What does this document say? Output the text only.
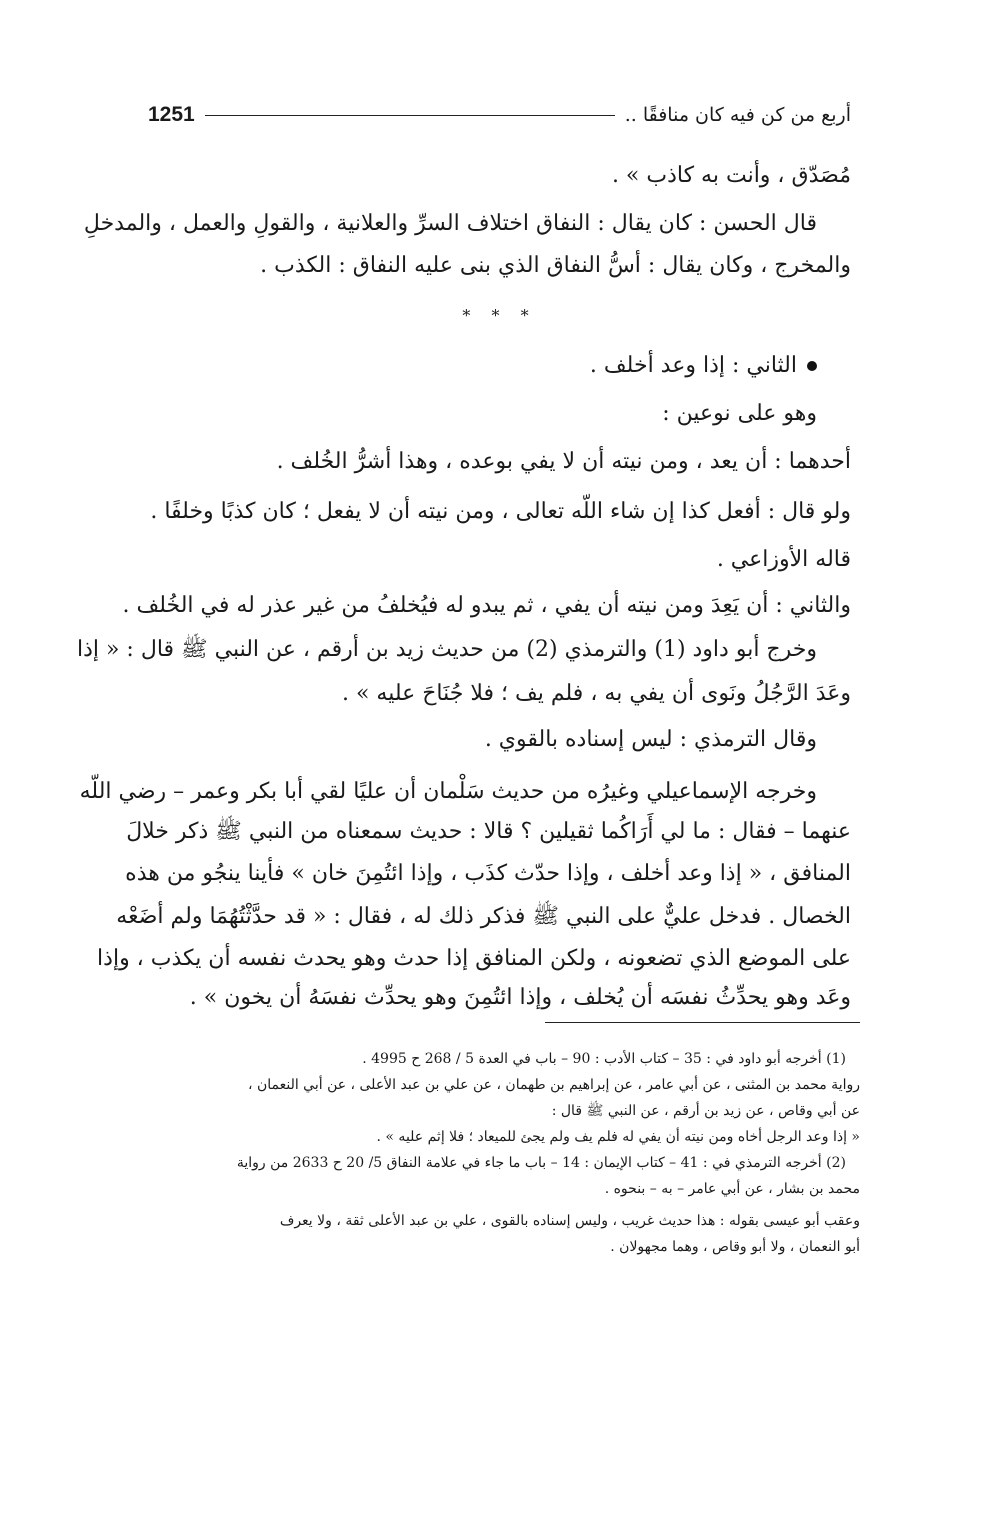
أربع من كن فيه كان منافقًا ..
1251

مُصَدّق ، وأنت به كاذب » .

قال الحسن : كان يقال : النفاق اختلاف السرِّ والعلانية ، والقولِ والعمل ، والمدخلِ

والمخرج ، وكان يقال : أسُّ النفاق الذي بنى عليه النفاق : الكذب .

* * *

الثاني : إذا وعد أخلف .

وهو على نوعين :

أحدهما : أن يعد ، ومن نيته أن لا يفي بوعده ، وهذا أشرُّ الخُلف .

ولو قال : أفعل كذا إن شاء اللّه تعالى ، ومن نيته أن لا يفعل ؛ كان كذبًا وخلفًا .

قاله الأوزاعي .

والثاني : أن يَعِدَ ومن نيته أن يفي ، ثم يبدو له فيُخلفُ من غير عذر له في الخُلف .

وخرج أبو داود (1) والترمذي (2) من حديث زيد بن أرقم ، عن النبي ﷺ قال : « إذا

وعَدَ الرَّجُلُ ونَوى أن يفي به ، فلم يف ؛ فلا جُنَاحَ عليه » .

وقال الترمذي : ليس إسناده بالقوي .

وخرجه الإسماعيلي وغيرُه من حديث سَلْمان أن عليًا لقي أبا بكر وعمر – رضي اللّه

عنهما – فقال : ما لي أَرَاكُما ثقيلين ؟ قالا : حديث سمعناه من النبي ﷺ ذكر خلالَ

المنافق ، « إذا وعد أخلف ، وإذا حدّث كذَب ، وإذا ائتُمِنَ خان » فأينا ينجُو من هذه

الخصال . فدخل عليٌّ على النبي ﷺ فذكر ذلك له ، فقال : « قد حدَّثْتُهُمَا ولم أضَعْه

على الموضع الذي تضعونه ، ولكن المنافق إذا حدث وهو يحدث نفسه أن يكذب ، وإذا

وعَد وهو يحدِّثُ نفسَه أن يُخلف ، وإذا ائتُمِنَ وهو يحدِّث نفسَهُ أن يخون » .

(1) أخرجه أبو داود في : 35 – كتاب الأدب : 90 – باب في العدة 5 / 268 ح 4995 .
رواية محمد بن المثنى ، عن أبي عامر ، عن إبراهيم بن طهمان ، عن علي بن عبد الأعلى ، عن أبي النعمان ،
عن أبي وقاص ، عن زيد بن أرقم ، عن النبي ﷺ قال :
« إذا وعد الرجل أخاه ومن نيته أن يفي له فلم يف ولم يجئ للميعاد ؛ فلا إثم عليه » .
(2) أخرجه الترمذي في : 41 – كتاب الإيمان : 14 – باب ما جاء في علامة النفاق 5/ 20 ح 2633 من رواية
محمد بن بشار ، عن أبي عامر – به – بنحوه .
وعقب أبو عيسى بقوله : هذا حديث غريب ، وليس إسناده بالقوى ، علي بن عبد الأعلى ثقة ، ولا يعرف
أبو النعمان ، ولا أبو وقاص ، وهما مجهولان .
